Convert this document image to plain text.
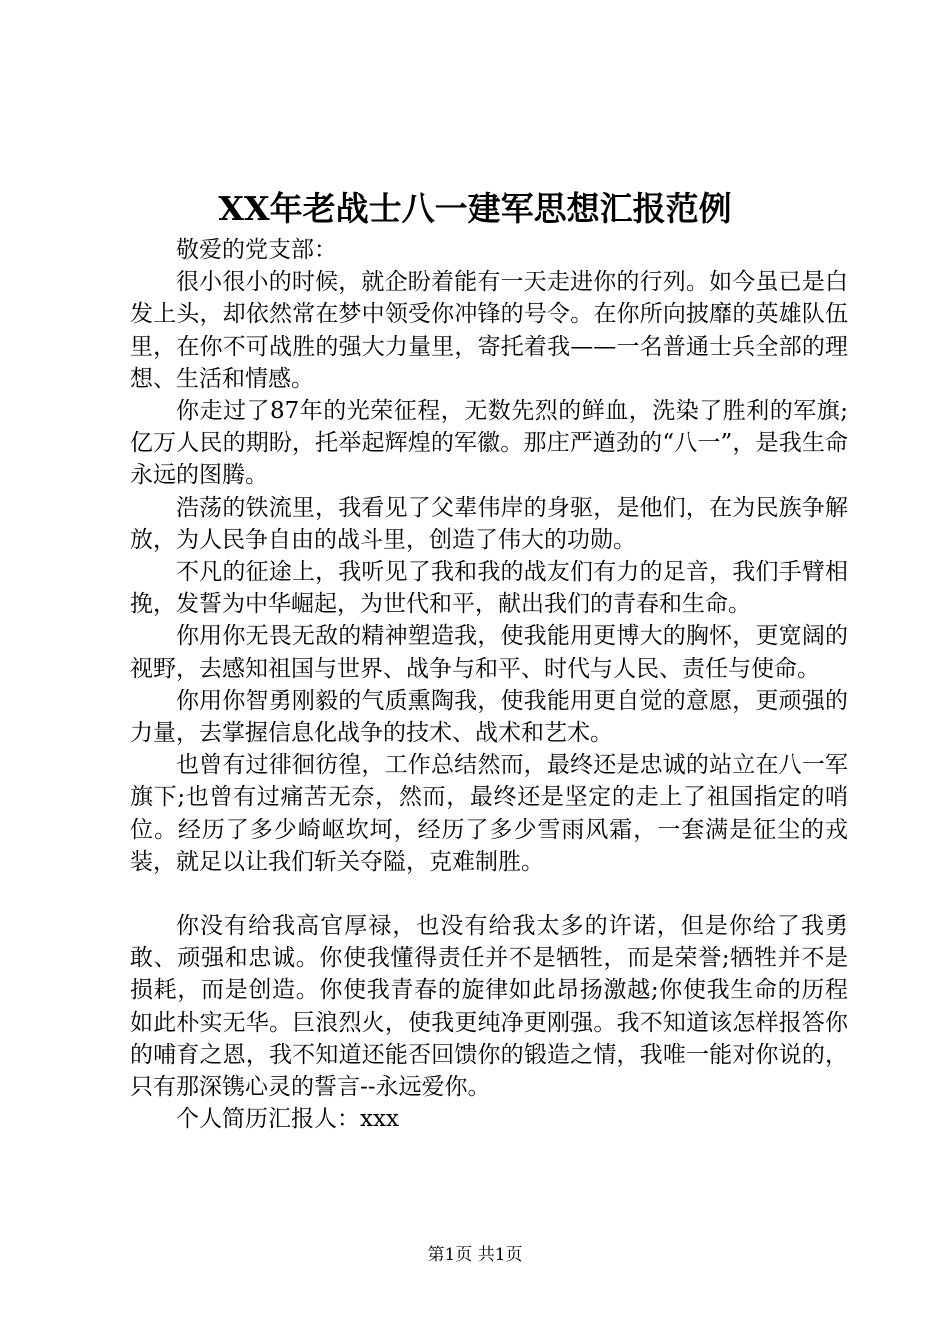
XX年老战士八一建军思想汇报范例

敬爱的党支部：

很小很小的时候，就企盼着能有一天走进你的行列。如今虽已是白发上头，却依然常在梦中领受你冲锋的号令。在你所向披靡的英雄队伍里，在你不可战胜的强大力量里，寄托着我——一名普通士兵全部的理想、生活和情感。

你走过了87年的光荣征程，无数先烈的鲜血，洗染了胜利的军旗;亿万人民的期盼，托举起辉煌的军徽。那庄严遒劲的“八一”，是我生命永远的图腾。

浩荡的铁流里，我看见了父辈伟岸的身驱，是他们，在为民族争解放，为人民争自由的战斗里，创造了伟大的功勋。

不凡的征途上，我听见了我和我的战友们有力的足音，我们手臂相挽，发誓为中华崛起，为世代和平，献出我们的青春和生命。

你用你无畏无敌的精神塑造我，使我能用更博大的胸怀，更宽阔的视野，去感知祖国与世界、战争与和平、时代与人民、责任与使命。

你用你智勇刚毅的气质熏陶我，使我能用更自觉的意愿，更顽强的力量，去掌握信息化战争的技术、战术和艺术。

也曾有过徘徊彷徨，工作总结然而，最终还是忠诚的站立在八一军旗下;也曾有过痛苦无奈，然而，最终还是坚定的走上了祖国指定的哨位。经历了多少崎岖坎坷，经历了多少雪雨风霜，一套满是征尘的戎装，就足以让我们斩关夺隘，克难制胜。

你没有给我高官厚禄，也没有给我太多的许诺，但是你给了我勇敢、顽强和忠诚。你使我懂得责任并不是牺牲，而是荣誉;牺牲并不是损耗，而是创造。你使我青春的旋律如此昂扬激越;你使我生命的历程如此朴实无华。巨浪烈火，使我更纯净更刚强。我不知道该怎样报答你的哺育之恩，我不知道还能否回馈你的锻造之情，我唯一能对你说的，只有那深镌心灵的誓言--永远爱你。

个人简历汇报人：xxx

第1页 共1页
